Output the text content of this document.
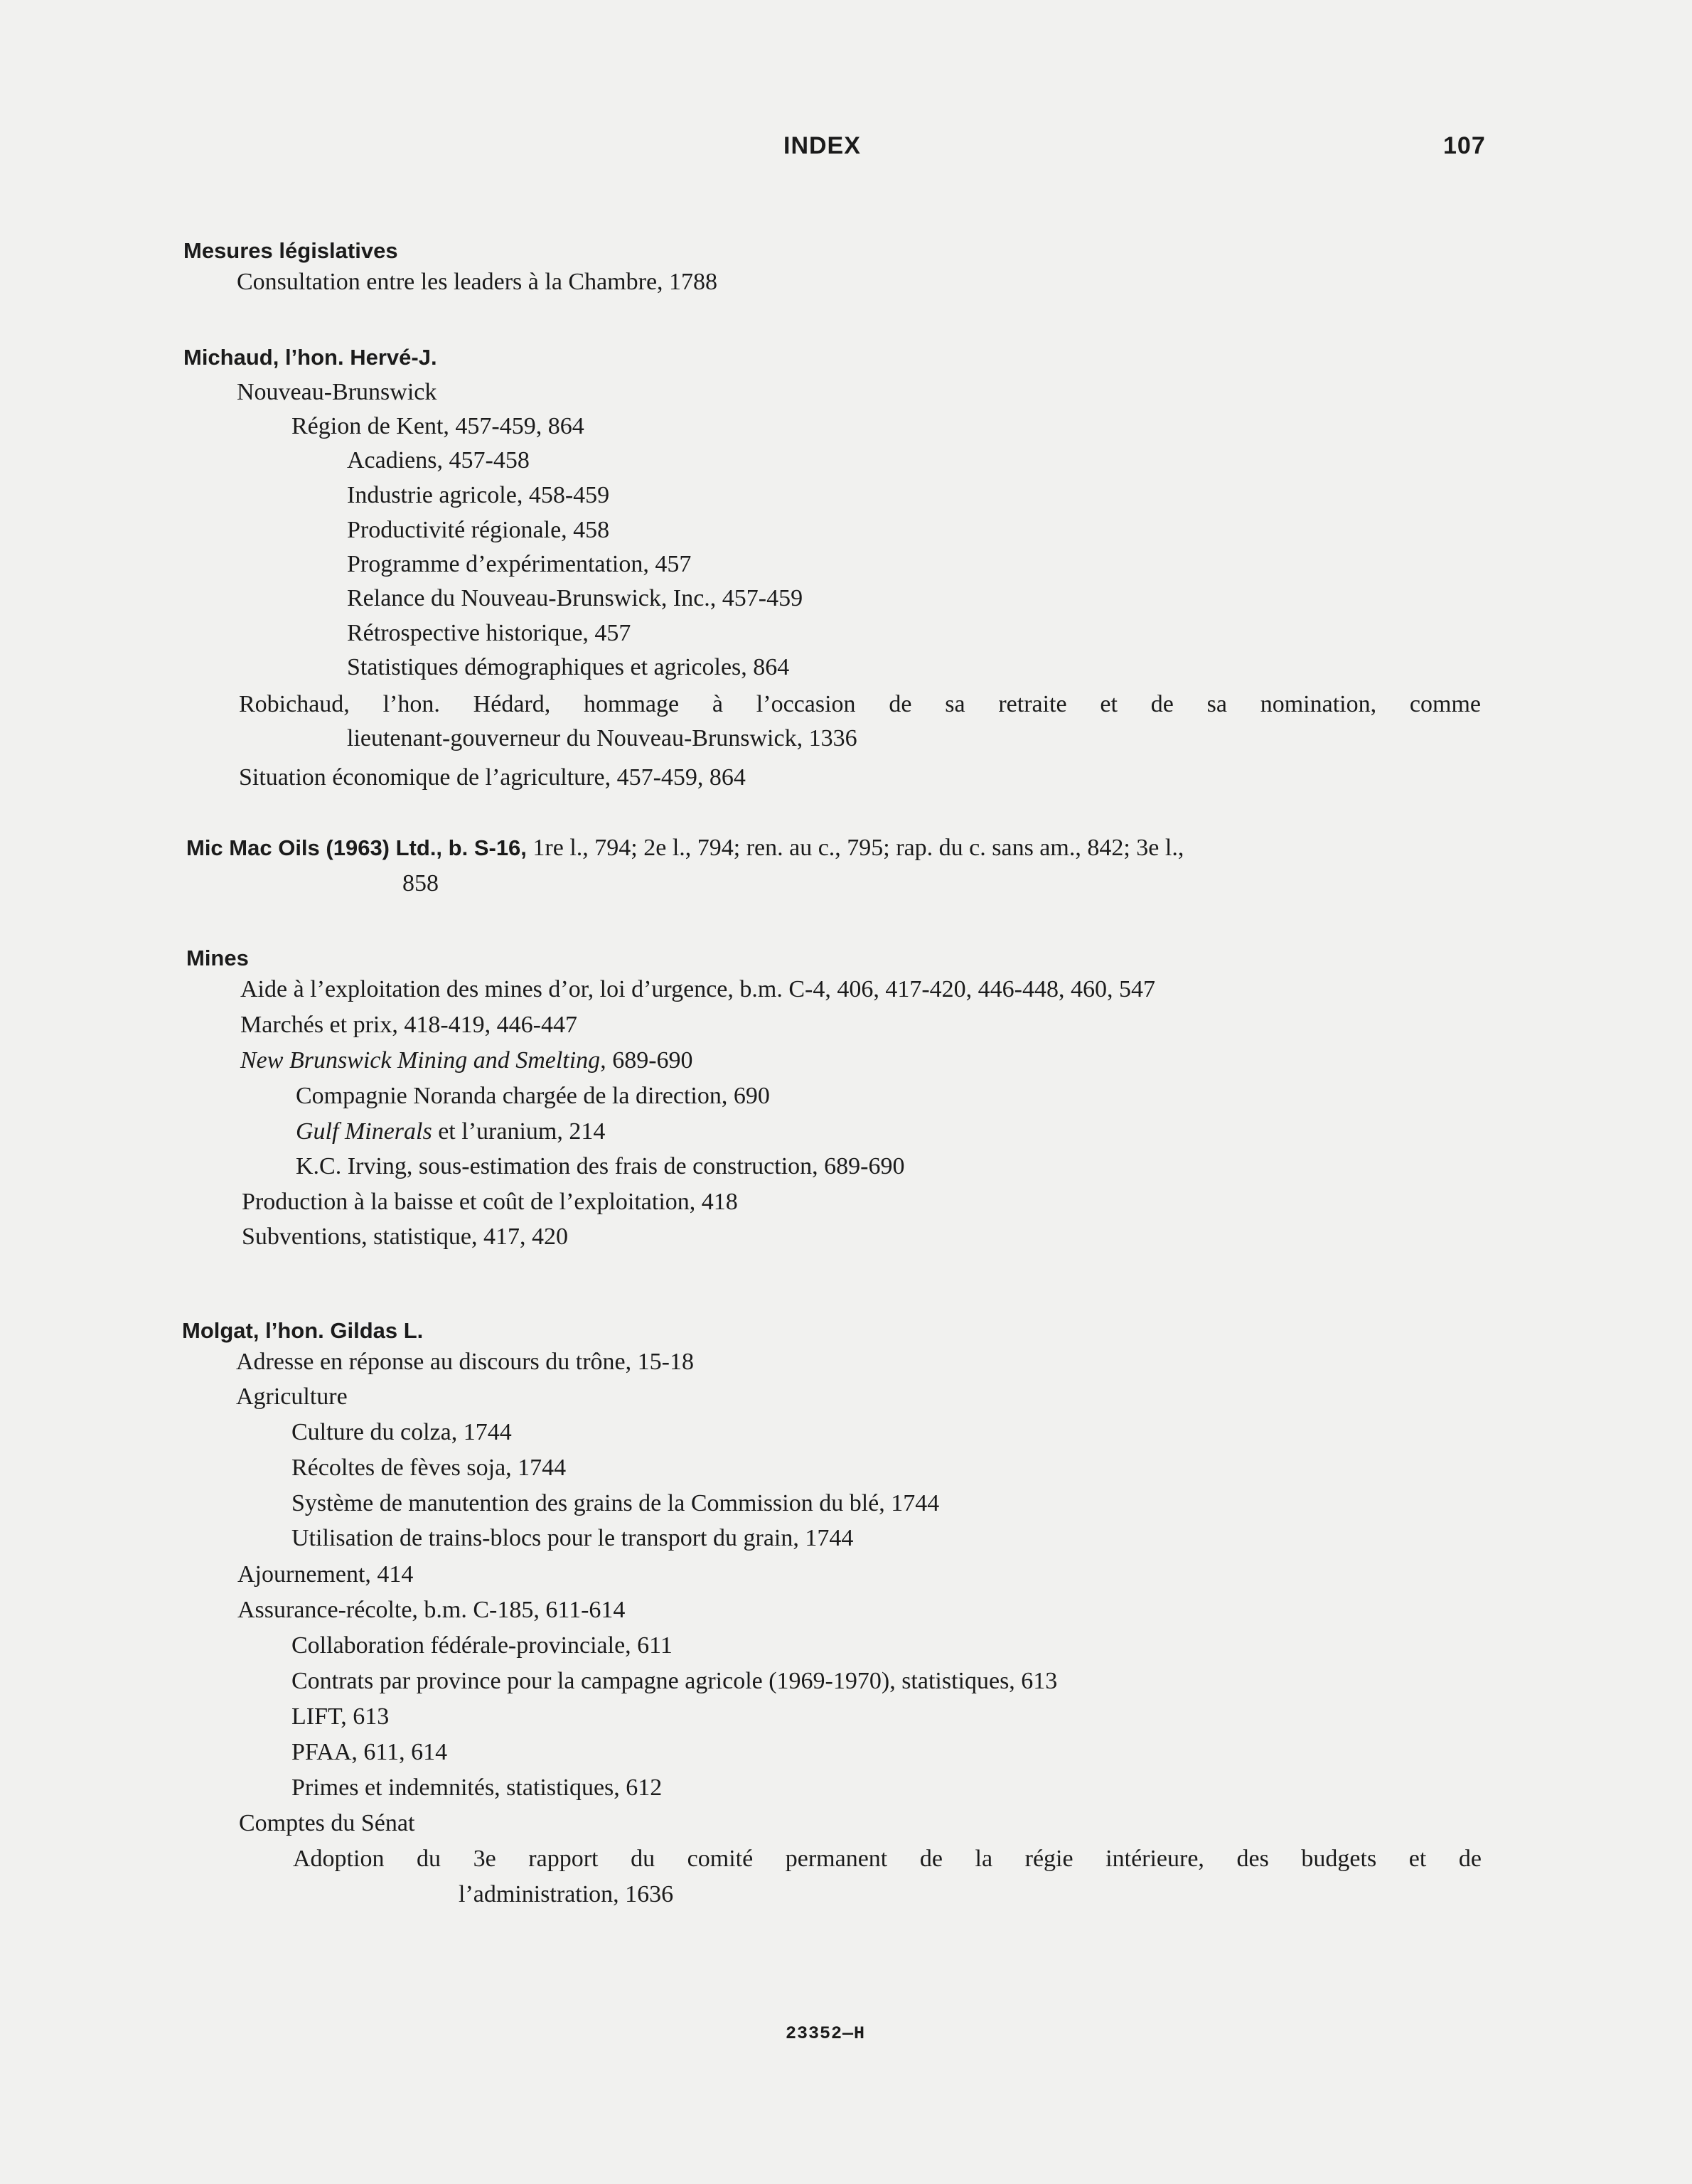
INDEX	107
Mesures législatives
Consultation entre les leaders à la Chambre, 1788
Michaud, l’hon. Hervé-J.
Nouveau-Brunswick
Région de Kent, 457-459, 864
Acadiens, 457-458
Industrie agricole, 458-459
Productivité régionale, 458
Programme d’expérimentation, 457
Relance du Nouveau-Brunswick, Inc., 457-459
Rétrospective historique, 457
Statistiques démographiques et agricoles, 864
Robichaud, l’hon. Hédard, hommage à l’occasion de sa retraite et de sa nomination, comme
lieutenant-gouverneur du Nouveau-Brunswick, 1336
Situation économique de l’agriculture, 457-459, 864
Mic Mac Oils (1963) Ltd., b. S-16, 1re l., 794; 2e l., 794; ren. au c., 795; rap. du c. sans am., 842; 3e l.,
858
Mines
Aide à l’exploitation des mines d’or, loi d’urgence, b.m. C-4, 406, 417-420, 446-448, 460, 547
Marchés et prix, 418-419, 446-447
New Brunswick Mining and Smelting, 689-690
Compagnie Noranda chargée de la direction, 690
Gulf Minerals et l’uranium, 214
K.C. Irving, sous-estimation des frais de construction, 689-690
Production à la baisse et coût de l’exploitation, 418
Subventions, statistique, 417, 420
Molgat, l’hon. Gildas L.
Adresse en réponse au discours du trône, 15-18
Agriculture
Culture du colza, 1744
Récoltes de fèves soja, 1744
Système de manutention des grains de la Commission du blé, 1744
Utilisation de trains-blocs pour le transport du grain, 1744
Ajournement, 414
Assurance-récolte, b.m. C-185, 611-614
Collaboration fédérale-provinciale, 611
Contrats par province pour la campagne agricole (1969-1970), statistiques, 613
LIFT, 613
PFAA, 611, 614
Primes et indemnités, statistiques, 612
Comptes du Sénat
Adoption du 3e rapport du comité permanent de la régie intérieure, des budgets et de
l’administration, 1636
23352—H
